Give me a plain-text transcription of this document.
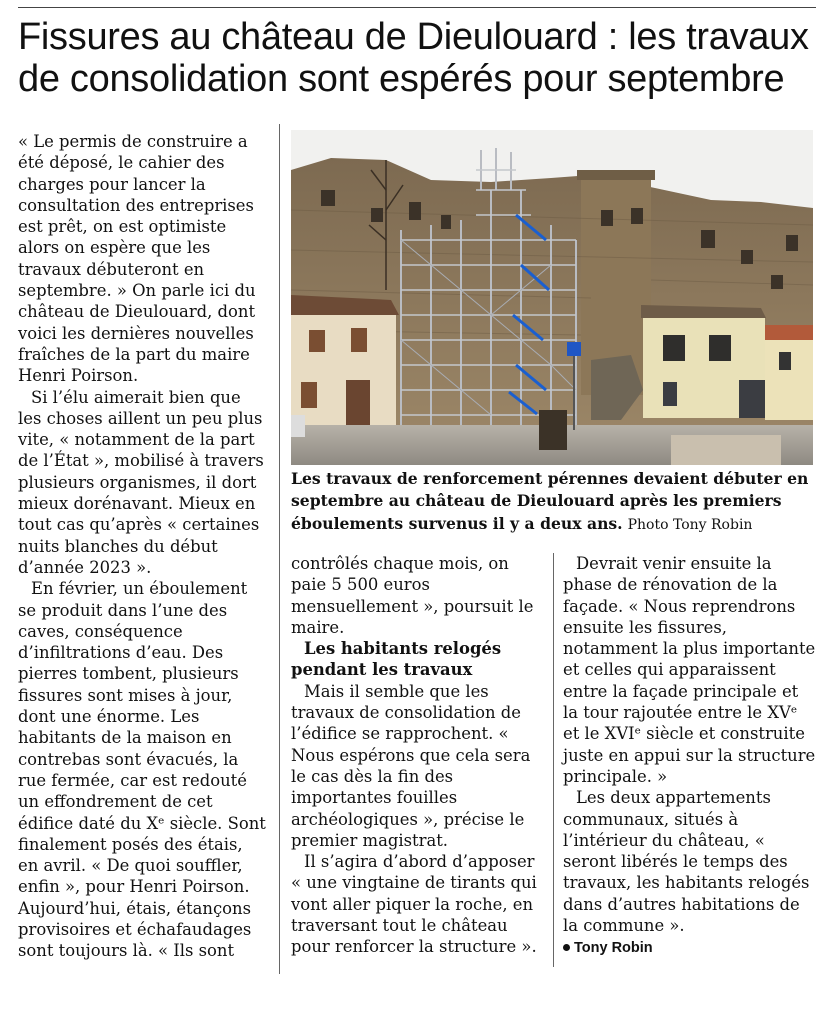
Fissures au château de Dieulouard : les travaux de consolidation sont espérés pour septembre

« Le permis de construire a été déposé, le cahier des charges pour lancer la consultation des entreprises est prêt, on est optimiste alors on espère que les travaux débuteront en septembre. » On parle ici du château de Dieulouard, dont voici les dernières nouvelles fraîches de la part du maire Henri Poirson.

Si l’élu aimerait bien que les choses aillent un peu plus vite, « notamment de la part de l’État », mobilisé à travers plusieurs organismes, il dort mieux dorénavant. Mieux en tout cas qu’après « certaines nuits blanches du début d’année 2023 ».

En février, un éboulement se produit dans l’une des caves, conséquence d’infiltrations d’eau. Des pierres tombent, plusieurs fissures sont mises à jour, dont une énorme. Les habitants de la maison en contrebas sont évacués, la rue fermée, car est redouté un effondrement de cet édifice daté du Xᵉ siècle. Sont finalement posés des étais, en avril. « De quoi souffler, enfin », pour Henri Poirson. Aujourd’hui, étais, étançons provisoires et échafaudages sont toujours là. « Ils sont

Les travaux de renforcement pérennes devaient débuter en septembre au château de Dieulouard après les premiers éboulements survenus il y a deux ans. Photo Tony Robin

contrôlés chaque mois, on paie 5 500 euros mensuellement », poursuit le maire.

Les habitants relogés pendant les travaux

Mais il semble que les travaux de consolidation de l’édifice se rapprochent. « Nous espérons que cela sera le cas dès la fin des importantes fouilles archéologiques », précise le premier magistrat.

Il s’agira d’abord d’apposer « une vingtaine de tirants qui vont aller piquer la roche, en traversant tout le château pour renforcer la structure ».

Devrait venir ensuite la phase de rénovation de la façade. « Nous reprendrons ensuite les fissures, notamment la plus importante et celles qui apparaissent entre la façade principale et la tour rajoutée entre le XVᵉ et le XVIᵉ siècle et construite juste en appui sur la structure principale. »

Les deux appartements communaux, situés à l’intérieur du château, « seront libérés le temps des travaux, les habitants relogés dans d’autres habitations de la commune ».

Tony Robin
